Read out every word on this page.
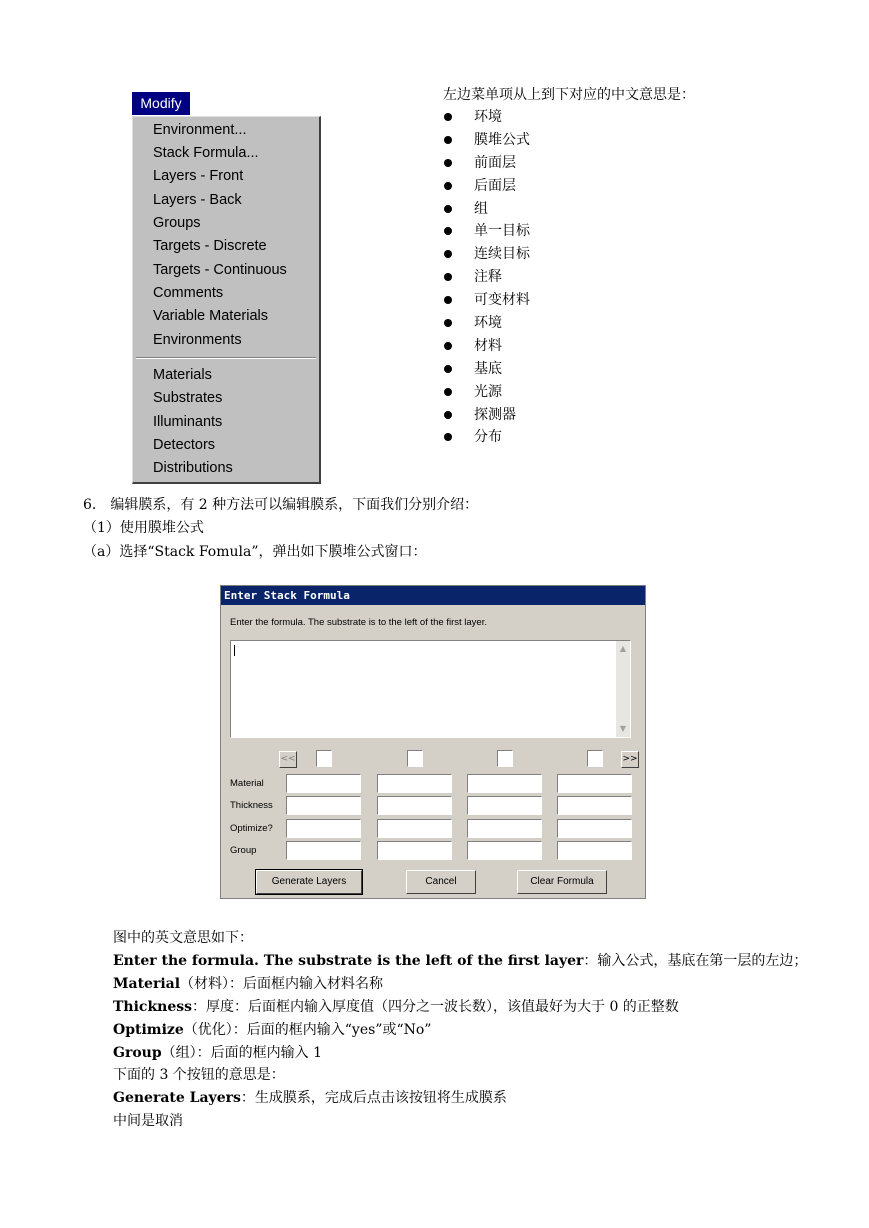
Modify
Environment...
Stack Formula...
Layers - Front
Layers - Back
Groups
Targets - Discrete
Targets - Continuous
Comments
Variable Materials
Environments
Materials
Substrates
Illuminants
Detectors
Distributions
左边菜单项从上到下对应的中文意思是：
环境
膜堆公式
前面层
后面层
组
单一目标
连续目标
注释
可变材料
环境
材料
基底
光源
探测器
分布
6.　编辑膜系，有 2 种方法可以编辑膜系，下面我们分别介绍：
（1）使用膜堆公式
（a）选择“Stack Fomula”，弹出如下膜堆公式窗口：
Enter Stack Formula
Enter the formula. The substrate is to the left of the first layer.
▲
▼
<<	>>
Material
Thickness
Optimize?
Group
Generate Layers	Cancel	Clear Formula
图中的英文意思如下：
Enter the formula. The substrate is the left of the first layer：输入公式，基底在第一层的左边；
Material（材料）：后面框内输入材料名称
Thickness：厚度：后面框内输入厚度值（四分之一波长数），该值最好为大于 0 的正整数
Optimize（优化）：后面的框内输入“yes”或“No”
Group（组）：后面的框内输入 1
下面的 3 个按钮的意思是：
Generate Layers：生成膜系，完成后点击该按钮将生成膜系
中间是取消
